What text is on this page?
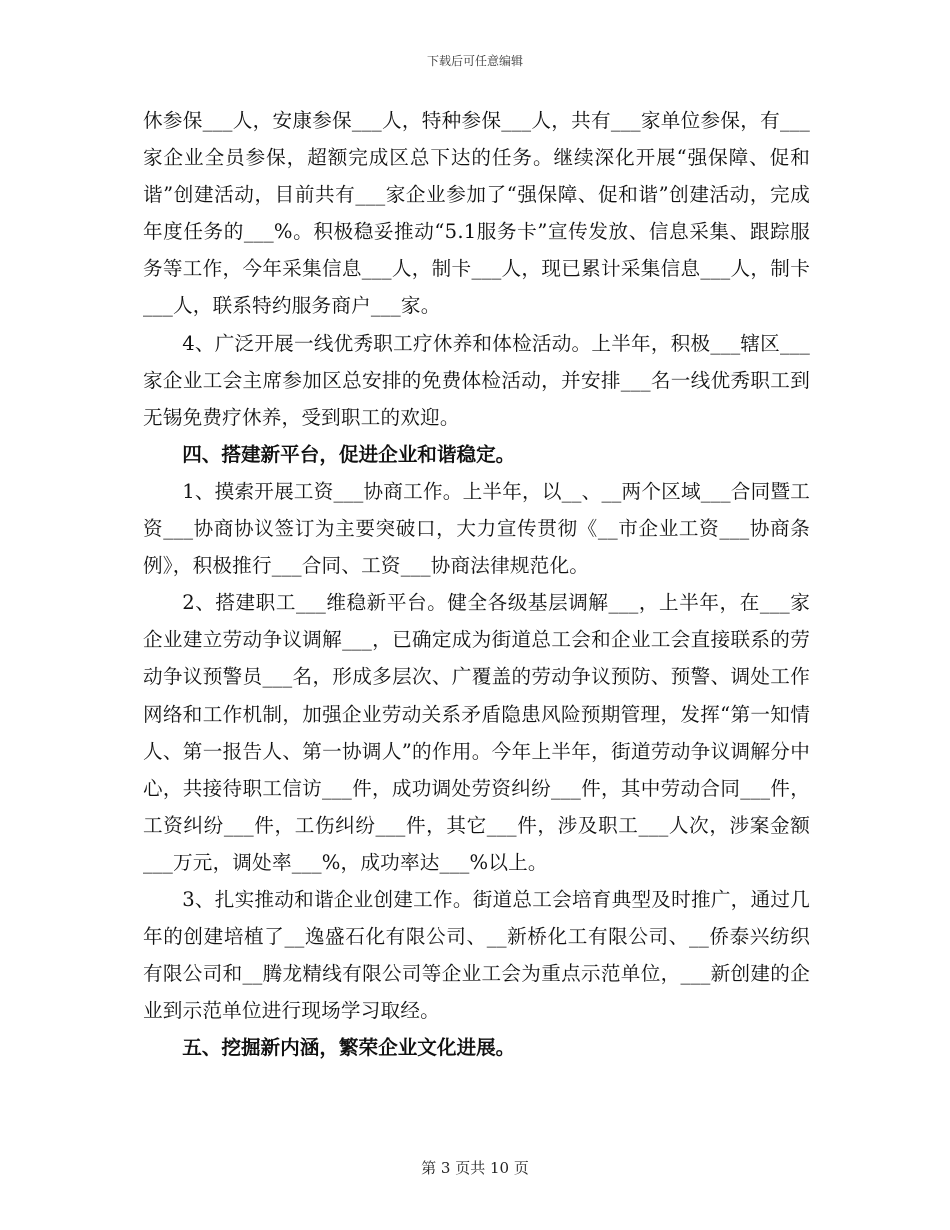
下载后可任意编辑

休参保___人，安康参保___人，特种参保___人，共有___家单位参保，有___家企业全员参保，超额完成区总下达的任务。继续深化开展“强保障、促和谐”创建活动，目前共有___家企业参加了“强保障、促和谐”创建活动，完成年度任务的___%。积极稳妥推动“5.1服务卡”宣传发放、信息采集、跟踪服务等工作，今年采集信息___人，制卡___人，现已累计采集信息___人，制卡___人，联系特约服务商户___家。

4、广泛开展一线优秀职工疗休养和体检活动。上半年，积极___辖区___家企业工会主席参加区总安排的免费体检活动，并安排___名一线优秀职工到无锡免费疗休养，受到职工的欢迎。

四、搭建新平台，促进企业和谐稳定。

1、摸索开展工资___协商工作。上半年，以__、__两个区域___合同暨工资___协商协议签订为主要突破口，大力宣传贯彻《__市企业工资___协商条例》，积极推行___合同、工资___协商法律规范化。

2、搭建职工___维稳新平台。健全各级基层调解___，上半年，在___家企业建立劳动争议调解___，已确定成为街道总工会和企业工会直接联系的劳动争议预警员___名，形成多层次、广覆盖的劳动争议预防、预警、调处工作网络和工作机制，加强企业劳动关系矛盾隐患风险预期管理，发挥“第一知情人、第一报告人、第一协调人”的作用。今年上半年，街道劳动争议调解分中心，共接待职工信访___件，成功调处劳资纠纷___件，其中劳动合同___件，工资纠纷___件，工伤纠纷___件，其它___件，涉及职工___人次，涉案金额___万元，调处率___%，成功率达___%以上。

3、扎实推动和谐企业创建工作。街道总工会培育典型及时推广，通过几年的创建培植了__逸盛石化有限公司、__新桥化工有限公司、__侨泰兴纺织有限公司和__腾龙精线有限公司等企业工会为重点示范单位，___新创建的企业到示范单位进行现场学习取经。

五、挖掘新内涵，繁荣企业文化进展。

第 3 页共 10 页
